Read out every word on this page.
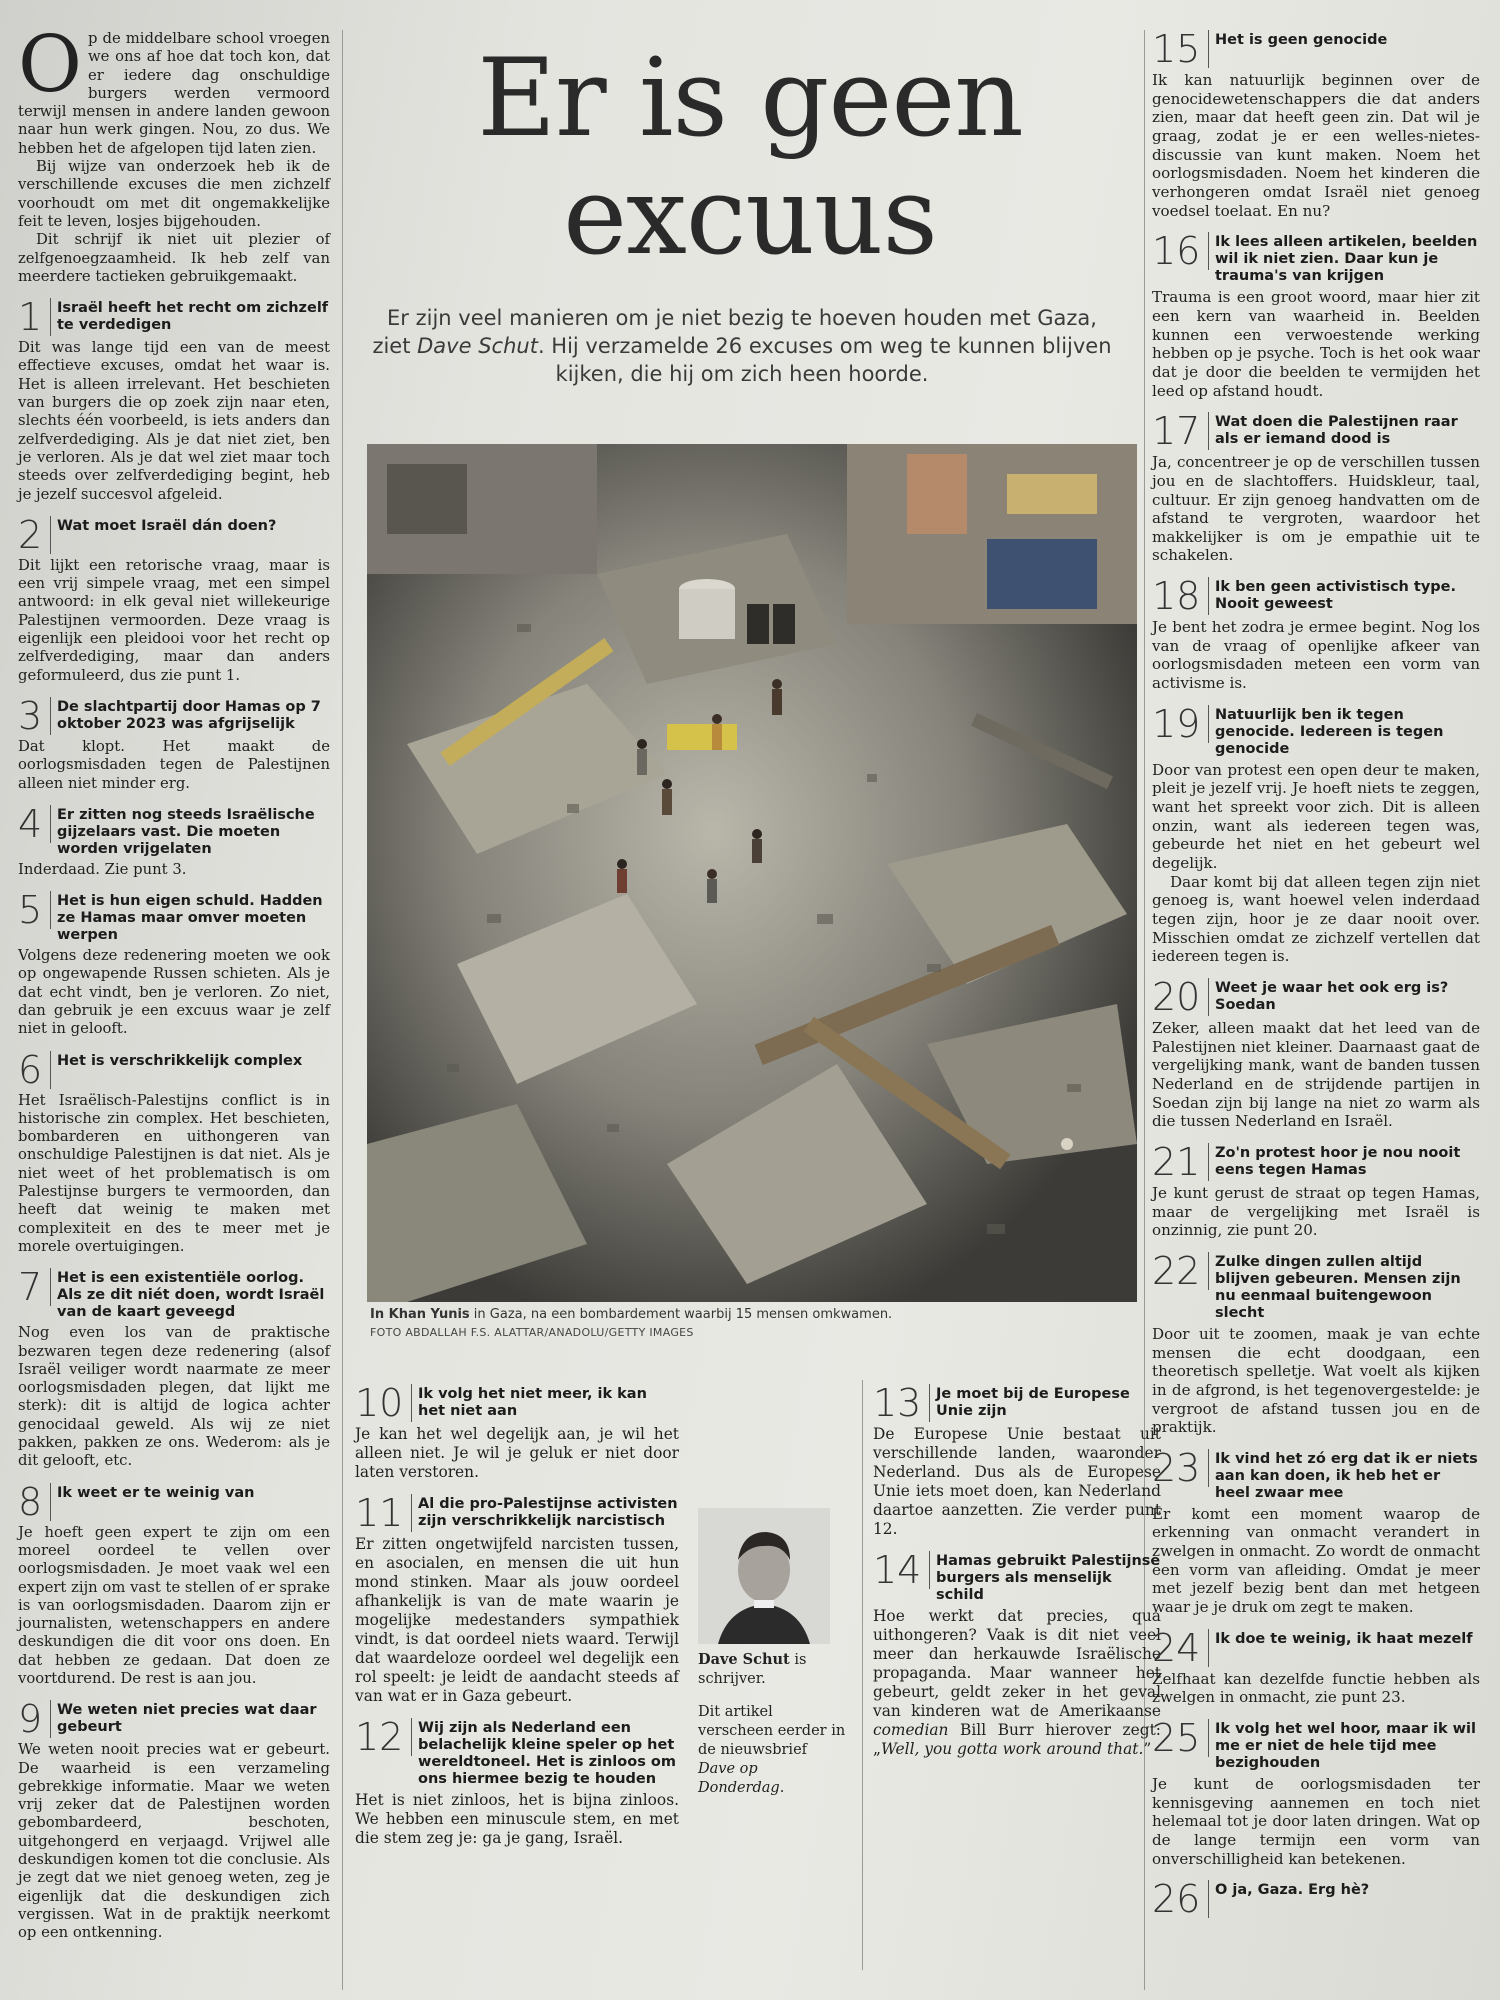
Er is geen
excuus
Er zijn veel manieren om je niet bezig te hoeven houden met Gaza, ziet Dave Schut. Hij verzamelde 26 excuses om weg te kunnen blijven kijken, die hij om zich heen hoorde.
In Khan Yunis in Gaza, na een bombardement waarbij 15 mensen omkwamen.
FOTO ABDALLAH F.S. ALATTAR/ANADOLU/GETTY IMAGES
O p de middelbare school vroegen we ons af hoe dat toch kon, dat er iedere dag onschuldige burgers werden vermoord terwijl mensen in andere landen gewoon naar hun werk gingen. Nou, zo dus. We hebben het de afgelopen tijd laten zien.

Bij wijze van onderzoek heb ik de verschillende excuses die men zichzelf voorhoudt om met dit ongemakkelijke feit te leven, losjes bijgehouden.

Dit schrijf ik niet uit plezier of zelfgenoegzaamheid. Ik heb zelf van meerdere tactieken gebruikgemaakt.

1	Israël heeft het recht om zichzelf te verdedigen

Dit was lange tijd een van de meest effectieve excuses, omdat het waar is. Het is alleen irrelevant. Het beschieten van burgers die op zoek zijn naar eten, slechts één voorbeeld, is iets anders dan zelfverdediging. Als je dat niet ziet, ben je verloren. Als je dat wel ziet maar toch steeds over zelfverdediging begint, heb je jezelf succesvol afgeleid.

2	Wat moet Israël dán doen?

Dit lijkt een retorische vraag, maar is een vrij simpele vraag, met een simpel antwoord: in elk geval niet willekeurige Palestijnen vermoorden. Deze vraag is eigenlijk een pleidooi voor het recht op zelfverdediging, maar dan anders geformuleerd, dus zie punt 1.

3	De slachtpartij door Hamas op 7 oktober 2023 was afgrijselijk

Dat klopt. Het maakt de oorlogsmisdaden tegen de Palestijnen alleen niet minder erg.

4	Er zitten nog steeds Israëlische gijzelaars vast. Die moeten worden vrijgelaten

Inderdaad. Zie punt 3.

5	Het is hun eigen schuld. Hadden ze Hamas maar omver moeten werpen

Volgens deze redenering moeten we ook op ongewapende Russen schieten. Als je dat echt vindt, ben je verloren. Zo niet, dan gebruik je een excuus waar je zelf niet in gelooft.

6	Het is verschrikkelijk complex

Het Israëlisch-Palestijns conflict is in historische zin complex. Het beschieten, bombarderen en uithongeren van onschuldige Palestijnen is dat niet. Als je niet weet of het problematisch is om Palestijnse burgers te vermoorden, dan heeft dat weinig te maken met complexiteit en des te meer met je morele overtuigingen.

7	Het is een existentiële oorlog. Als ze dit niét doen, wordt Israël van de kaart geveegd

Nog even los van de praktische bezwaren tegen deze redenering (alsof Israël veiliger wordt naarmate ze meer oorlogsmisdaden plegen, dat lijkt me sterk): dit is altijd de logica achter genocidaal geweld. Als wij ze niet pakken, pakken ze ons. Wederom: als je dit gelooft, etc.

8	Ik weet er te weinig van

Je hoeft geen expert te zijn om een moreel oordeel te vellen over oorlogsmisdaden. Je moet vaak wel een expert zijn om vast te stellen of er sprake is van oorlogsmisdaden. Daarom zijn er journalisten, wetenschappers en andere deskundigen die dit voor ons doen. En dat hebben ze gedaan. Dat doen ze voortdurend. De rest is aan jou.

9	We weten niet precies wat daar gebeurt

We weten nooit precies wat er gebeurt. De waarheid is een verzameling gebrekkige informatie. Maar we weten vrij zeker dat de Palestijnen worden gebombardeerd, beschoten, uitgehongerd en verjaagd. Vrijwel alle deskundigen komen tot die conclusie. Als je zegt dat we niet genoeg weten, zeg je eigenlijk dat die deskundigen zich vergissen. Wat in de praktijk neerkomt op een ontkenning.

10	Ik volg het niet meer, ik kan het niet aan

Je kan het wel degelijk aan, je wil het alleen niet. Je wil je geluk er niet door laten verstoren.

11	Al die pro-Palestijnse activisten zijn verschrikkelijk narcistisch

Er zitten ongetwijfeld narcisten tussen, en asocialen, en mensen die uit hun mond stinken. Maar als jouw oordeel afhankelijk is van de mate waarin je mogelijke medestanders sympathiek vindt, is dat oordeel niets waard. Terwijl dat waardeloze oordeel wel degelijk een rol speelt: je leidt de aandacht steeds af van wat er in Gaza gebeurt.

12	Wij zijn als Nederland een belachelijk kleine speler op het wereldtoneel. Het is zinloos om ons hiermee bezig te houden

Het is niet zinloos, het is bijna zinloos. We hebben een minuscule stem, en met die stem zeg je: ga je gang, Israël.

Dave Schut is schrijver.

Dit artikel verscheen eerder in de nieuwsbrief Dave op Donderdag.

13	Je moet bij de Europese Unie zijn

De Europese Unie bestaat uit verschillende landen, waaronder Nederland. Dus als de Europese Unie iets moet doen, kan Nederland daartoe aanzetten. Zie verder punt 12.

14	Hamas gebruikt Palestijnse burgers als menselijk schild

Hoe werkt dat precies, qua uithongeren? Vaak is dit niet veel meer dan herkauwde Israëlische propaganda. Maar wanneer het gebeurt, geldt zeker in het geval van kinderen wat de Amerikaanse comedian Bill Burr hierover zegt: „Well, you gotta work around that.”

15	Het is geen genocide

Ik kan natuurlijk beginnen over de genocidewetenschappers die dat anders zien, maar dat heeft geen zin. Dat wil je graag, zodat je er een welles-nietes-discussie van kunt maken. Noem het oorlogsmisdaden. Noem het kinderen die verhongeren omdat Israël niet genoeg voedsel toelaat. En nu?

16	Ik lees alleen artikelen, beelden wil ik niet zien. Daar kun je trauma's van krijgen

Trauma is een groot woord, maar hier zit een kern van waarheid in. Beelden kunnen een verwoestende werking hebben op je psyche. Toch is het ook waar dat je door die beelden te vermijden het leed op afstand houdt.

17	Wat doen die Palestijnen raar als er iemand dood is

Ja, concentreer je op de verschillen tussen jou en de slachtoffers. Huidskleur, taal, cultuur. Er zijn genoeg handvatten om de afstand te vergroten, waardoor het makkelijker is om je empathie uit te schakelen.

18	Ik ben geen activistisch type. Nooit geweest

Je bent het zodra je ermee begint. Nog los van de vraag of openlijke afkeer van oorlogsmisdaden meteen een vorm van activisme is.

19	Natuurlijk ben ik tegen genocide. Iedereen is tegen genocide

Door van protest een open deur te maken, pleit je jezelf vrij. Je hoeft niets te zeggen, want het spreekt voor zich. Dit is alleen onzin, want als iedereen tegen was, gebeurde het niet en het gebeurt wel degelijk.

Daar komt bij dat alleen tegen zijn niet genoeg is, want hoewel velen inderdaad tegen zijn, hoor je ze daar nooit over. Misschien omdat ze zichzelf vertellen dat iedereen tegen is.

20	Weet je waar het ook erg is? Soedan

Zeker, alleen maakt dat het leed van de Palestijnen niet kleiner. Daarnaast gaat de vergelijking mank, want de banden tussen Nederland en de strijdende partijen in Soedan zijn bij lange na niet zo warm als die tussen Nederland en Israël.

21	Zo'n protest hoor je nou nooit eens tegen Hamas

Je kunt gerust de straat op tegen Hamas, maar de vergelijking met Israël is onzinnig, zie punt 20.

22	Zulke dingen zullen altijd blijven gebeuren. Mensen zijn nu eenmaal buitengewoon slecht

Door uit te zoomen, maak je van echte mensen die echt doodgaan, een theoretisch spelletje. Wat voelt als kijken in de afgrond, is het tegenovergestelde: je vergroot de afstand tussen jou en de praktijk.

23	Ik vind het zó erg dat ik er niets aan kan doen, ik heb het er heel zwaar mee

Er komt een moment waarop de erkenning van onmacht verandert in zwelgen in onmacht. Zo wordt de onmacht een vorm van afleiding. Omdat je meer met jezelf bezig bent dan met hetgeen waar je je druk om zegt te maken.

24	Ik doe te weinig, ik haat mezelf

Zelfhaat kan dezelfde functie hebben als zwelgen in onmacht, zie punt 23.

25	Ik volg het wel hoor, maar ik wil me er niet de hele tijd mee bezighouden

Je kunt de oorlogsmisdaden ter kennisgeving aannemen en toch niet helemaal tot je door laten dringen. Wat op de lange termijn een vorm van onverschilligheid kan betekenen.

26	O ja, Gaza. Erg hè?
